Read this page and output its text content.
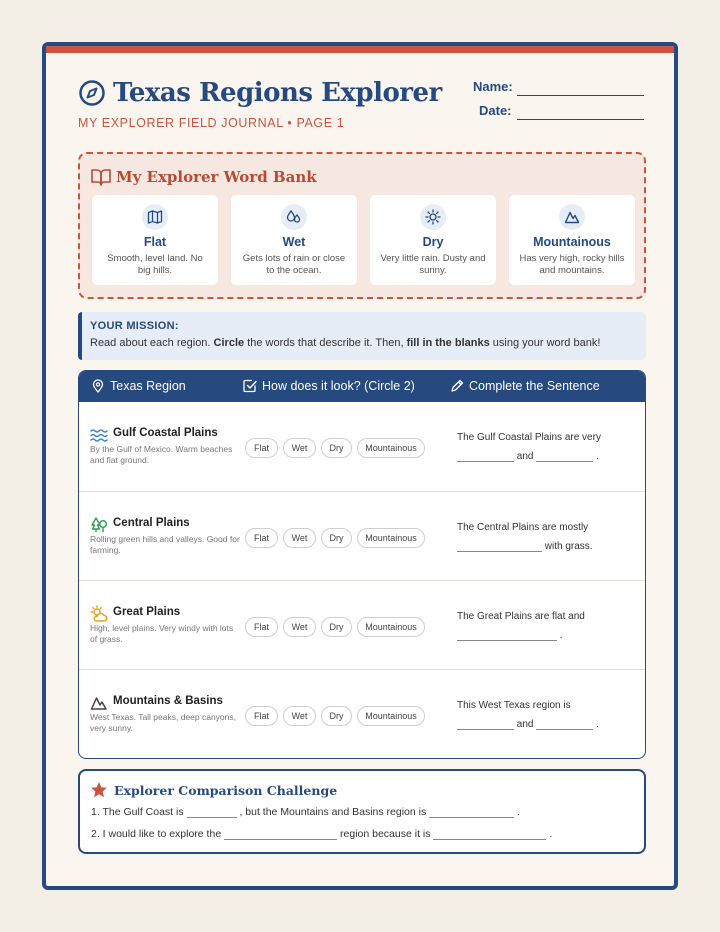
Texas Regions Explorer
MY EXPLORER FIELD JOURNAL • PAGE 1
Name:
Date:
My Explorer Word Bank
Flat
Smooth, level land. No big hills.
Wet
Gets lots of rain or close to the ocean.
Dry
Very little rain. Dusty and sunny.
Mountainous
Has very high, rocky hills and mountains.
YOUR MISSION:
Read about each region. Circle the words that describe it. Then, fill in the blanks using your word bank!
Texas Region	How does it look? (Circle 2)	Complete the Sentence
Gulf Coastal Plains
By the Gulf of Mexico. Warm beaches and flat ground.
Flat	Wet	Dry	Mountainous
The Gulf Coastal Plains are very
and	.
Central Plains
Rolling green hills and valleys. Good for farming.
Flat	Wet	Dry	Mountainous
The Central Plains are mostly
with grass.
Great Plains
High, level plains. Very windy with lots of grass.
Flat	Wet	Dry	Mountainous
The Great Plains are flat and
.
Mountains & Basins
West Texas. Tall peaks, deep canyons, very sunny.
Flat	Wet	Dry	Mountainous
This West Texas region is
and	.
Explorer Comparison Challenge
1. The Gulf Coast is	, but the Mountains and Basins region is	.
2. I would like to explore the	region because it is	.
